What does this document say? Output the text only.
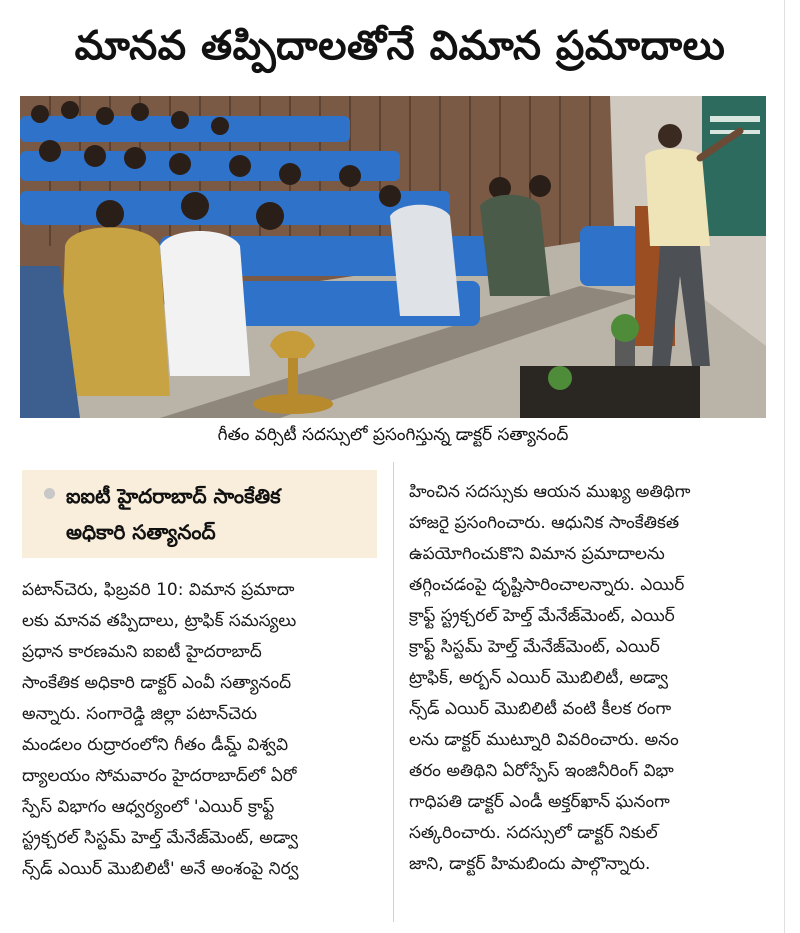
మానవ తప్పిదాలతోనే విమాన ప్రమాదాలు
గీతం వర్సిటీ సదస్సులో ప్రసంగిస్తున్న డాక్టర్ సత్యానంద్
ఐఐటీ హైదరాబాద్ సాంకేతిక
అధికారి సత్యానంద్
పటాన్‌చెరు, ఫిబ్రవరి 10: విమాన ప్రమాదా
లకు మానవ తప్పిదాలు, ట్రాఫిక్ సమస్యలు
ప్రధాన కారణమని ఐఐటీ హైదరాబాద్
సాంకేతిక అధికారి డాక్టర్ ఎంవీ సత్యానంద్
అన్నారు. సంగారెడ్డి జిల్లా పటాన్‌చెరు
మండలం రుద్రారంలోని గీతం డీమ్డ్ విశ్వవి
ద్యాలయం సోమవారం హైదరాబాద్‌లో ఏరో
స్పేస్ విభాగం ఆధ్వర్యంలో 'ఎయిర్ క్రాఫ్ట్
స్ట్రక్చరల్ సిస్టమ్ హెల్త్ మేనేజ్‌మెంట్, అడ్వా
న్స్‌డ్ ఎయిర్ మొబిలిటీ' అనే అంశంపై నిర్వ
హించిన సదస్సుకు ఆయన ముఖ్య అతిథిగా
హాజరై ప్రసంగించారు. ఆధునిక సాంకేతికత
ఉపయోగించుకొని విమాన ప్రమాదాలను
తగ్గించడంపై దృష్టిసారించాలన్నారు. ఎయిర్
క్రాఫ్ట్ స్ట్రక్చరల్ హెల్త్ మేనేజ్‌మెంట్, ఎయిర్
క్రాఫ్ట్ సిస్టమ్ హెల్త్ మేనేజ్‌మెంట్, ఎయిర్
ట్రాఫిక్, అర్బన్ ఎయిర్ మొబిలిటీ, అడ్వా
న్స్‌డ్ ఎయిర్ మొబిలిటీ వంటి కీలక రంగా
లను డాక్టర్ ముట్నూరి వివరించారు. అనం
తరం అతిథిని ఏరోస్పేస్ ఇంజినీరింగ్ విభా
గాధిపతి డాక్టర్ ఎండీ అక్తర్‌ఖాన్ ఘనంగా
సత్కరించారు. సదస్సులో డాక్టర్ నికుల్
జాని, డాక్టర్ హిమబిందు పాల్గొన్నారు.
